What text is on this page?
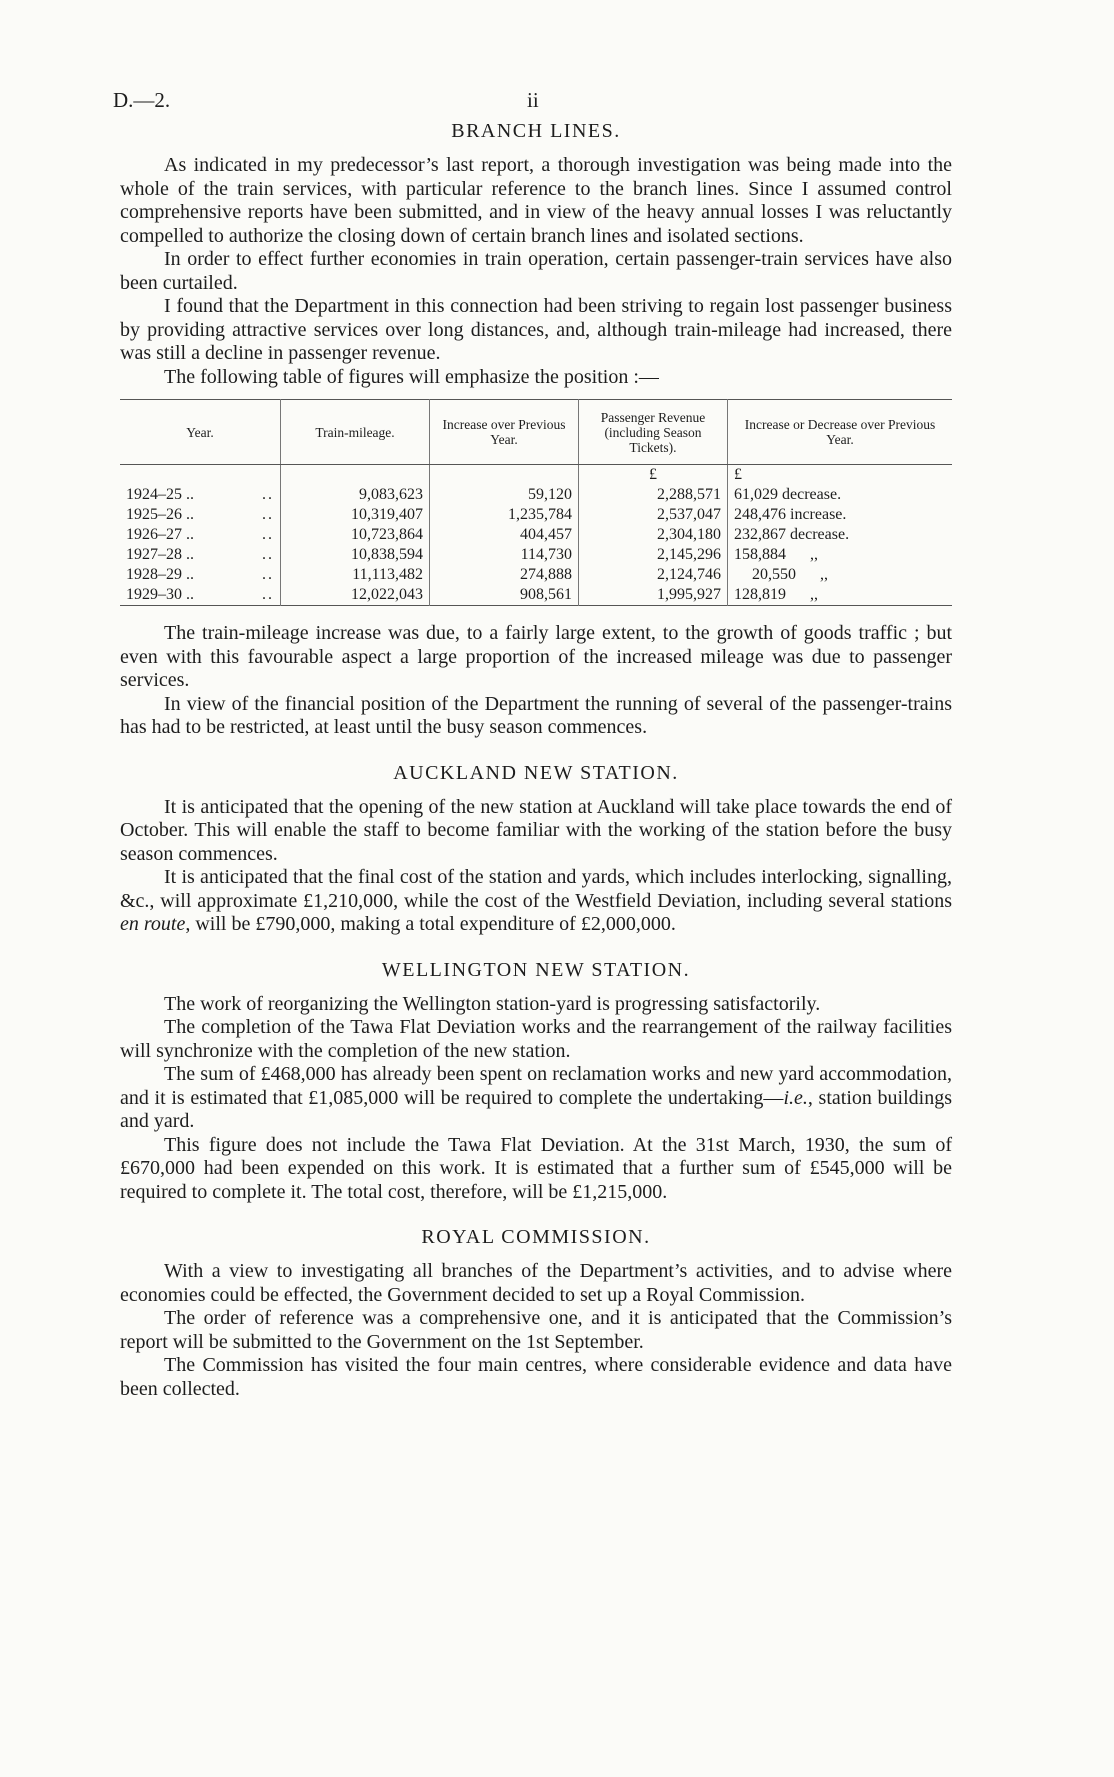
D.—2.	ii
BRANCH LINES.

As indicated in my predecessor’s last report, a thorough investigation was being made into the whole of the train services, with particular reference to the branch lines. Since I assumed control comprehensive reports have been submitted, and in view of the heavy annual losses I was reluctantly compelled to authorize the closing down of certain branch lines and isolated sections.

In order to effect further economies in train operation, certain passenger-train services have also been curtailed.

I found that the Department in this connection had been striving to regain lost passenger business by providing attractive services over long distances, and, although train-mileage had increased, there was still a decline in passenger revenue.

The following table of figures will emphasize the position :—

Year.	Train-mileage.	Increase over Previous Year.	Passenger Revenue (including Season Tickets).	Increase or Decrease over Previous Year.
			£	£
1924–25 .. ..	9,083,623	59,120	2,288,571	61,029 decrease.
1925–26 .. ..	10,319,407	1,235,784	2,537,047	248,476 increase.
1926–27 .. ..	10,723,864	404,457	2,304,180	232,867 decrease.
1927–28 .. ..	10,838,594	114,730	2,145,296	158,884 ,,
1928–29 .. ..	11,113,482	274,888	2,124,746	20,550 ,,
1929–30 .. ..	12,022,043	908,561	1,995,927	128,819 ,,

The train-mileage increase was due, to a fairly large extent, to the growth of goods traffic ; but even with this favourable aspect a large proportion of the increased mileage was due to passenger services.

In view of the financial position of the Department the running of several of the passenger-trains has had to be restricted, at least until the busy season commences.

AUCKLAND NEW STATION.

It is anticipated that the opening of the new station at Auckland will take place towards the end of October. This will enable the staff to become familiar with the working of the station before the busy season commences.

It is anticipated that the final cost of the station and yards, which includes interlocking, signalling, &c., will approximate £1,210,000, while the cost of the Westfield Deviation, including several stations en route, will be £790,000, making a total expenditure of £2,000,000.

WELLINGTON NEW STATION.

The work of reorganizing the Wellington station-yard is progressing satisfactorily.

The completion of the Tawa Flat Deviation works and the rearrangement of the railway facilities will synchronize with the completion of the new station.

The sum of £468,000 has already been spent on reclamation works and new yard accommodation, and it is estimated that £1,085,000 will be required to complete the undertaking—i.e., station buildings and yard.

This figure does not include the Tawa Flat Deviation. At the 31st March, 1930, the sum of £670,000 had been expended on this work. It is estimated that a further sum of £545,000 will be required to complete it. The total cost, therefore, will be £1,215,000.

ROYAL COMMISSION.

With a view to investigating all branches of the Department’s activities, and to advise where economies could be effected, the Government decided to set up a Royal Commission.

The order of reference was a comprehensive one, and it is anticipated that the Commission’s report will be submitted to the Government on the 1st September.

The Commission has visited the four main centres, where considerable evidence and data have been collected.
